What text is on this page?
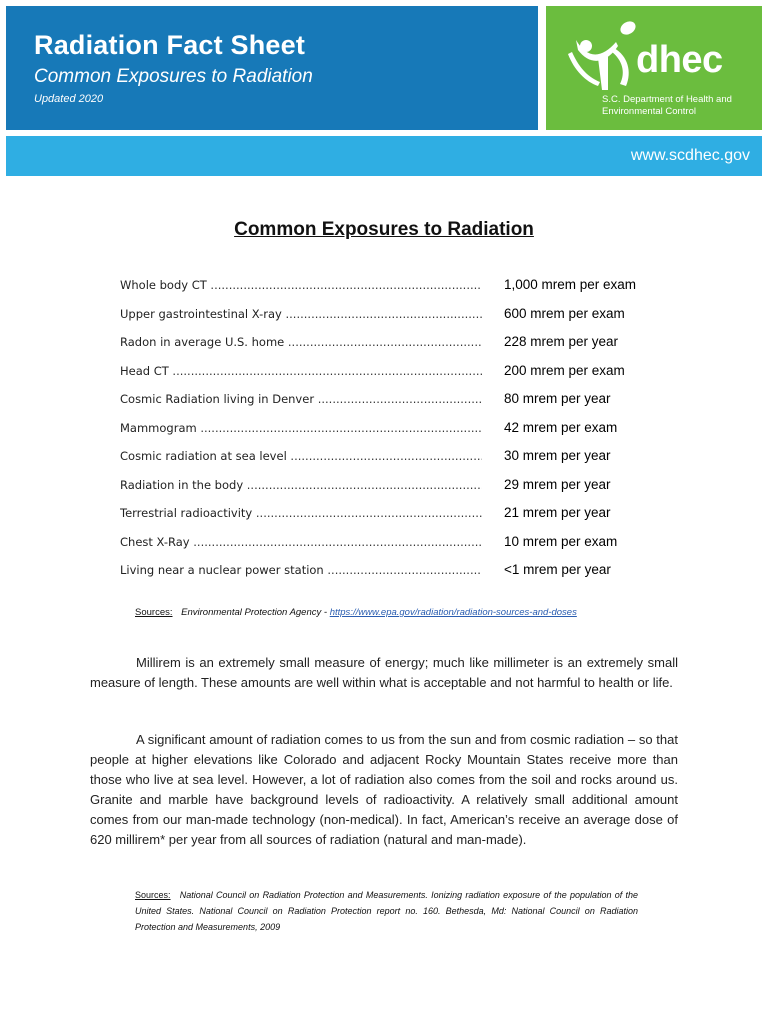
Radiation Fact Sheet
Common Exposures to Radiation
Updated 2020
dhec
S.C. Department of Health and
Environmental Control
www.scdhec.gov
Common Exposures to Radiation
Whole body CT .....	1,000 mrem per exam
Upper gastrointestinal X-ray .....	600 mrem per exam
Radon in average U.S. home .....	228 mrem per year
Head CT .....	200 mrem per exam
Cosmic Radiation living in Denver .....	80 mrem per year
Mammogram .....	42 mrem per exam
Cosmic radiation at sea level .....	30 mrem per year
Radiation in the body .....	29 mrem per year
Terrestrial radioactivity .....	21 mrem per year
Chest X-Ray .....	10 mrem per exam
Living near a nuclear power station .....	<1 mrem per year
Sources: Environmental Protection Agency - https://www.epa.gov/radiation/radiation-sources-and-doses

Millirem is an extremely small measure of energy; much like millimeter is an extremely small measure of length. These amounts are well within what is acceptable and not harmful to health or life.

A significant amount of radiation comes to us from the sun and from cosmic radiation – so that people at higher elevations like Colorado and adjacent Rocky Mountain States receive more than those who live at sea level. However, a lot of radiation also comes from the soil and rocks around us. Granite and marble have background levels of radioactivity. A relatively small additional amount comes from our man-made technology (non-medical). In fact, American’s receive an average dose of 620 millirem* per year from all sources of radiation (natural and man-made).

Sources: National Council on Radiation Protection and Measurements. Ionizing radiation exposure of the population of the United States. National Council on Radiation Protection report no. 160. Bethesda, Md: National Council on Radiation Protection and Measurements, 2009
